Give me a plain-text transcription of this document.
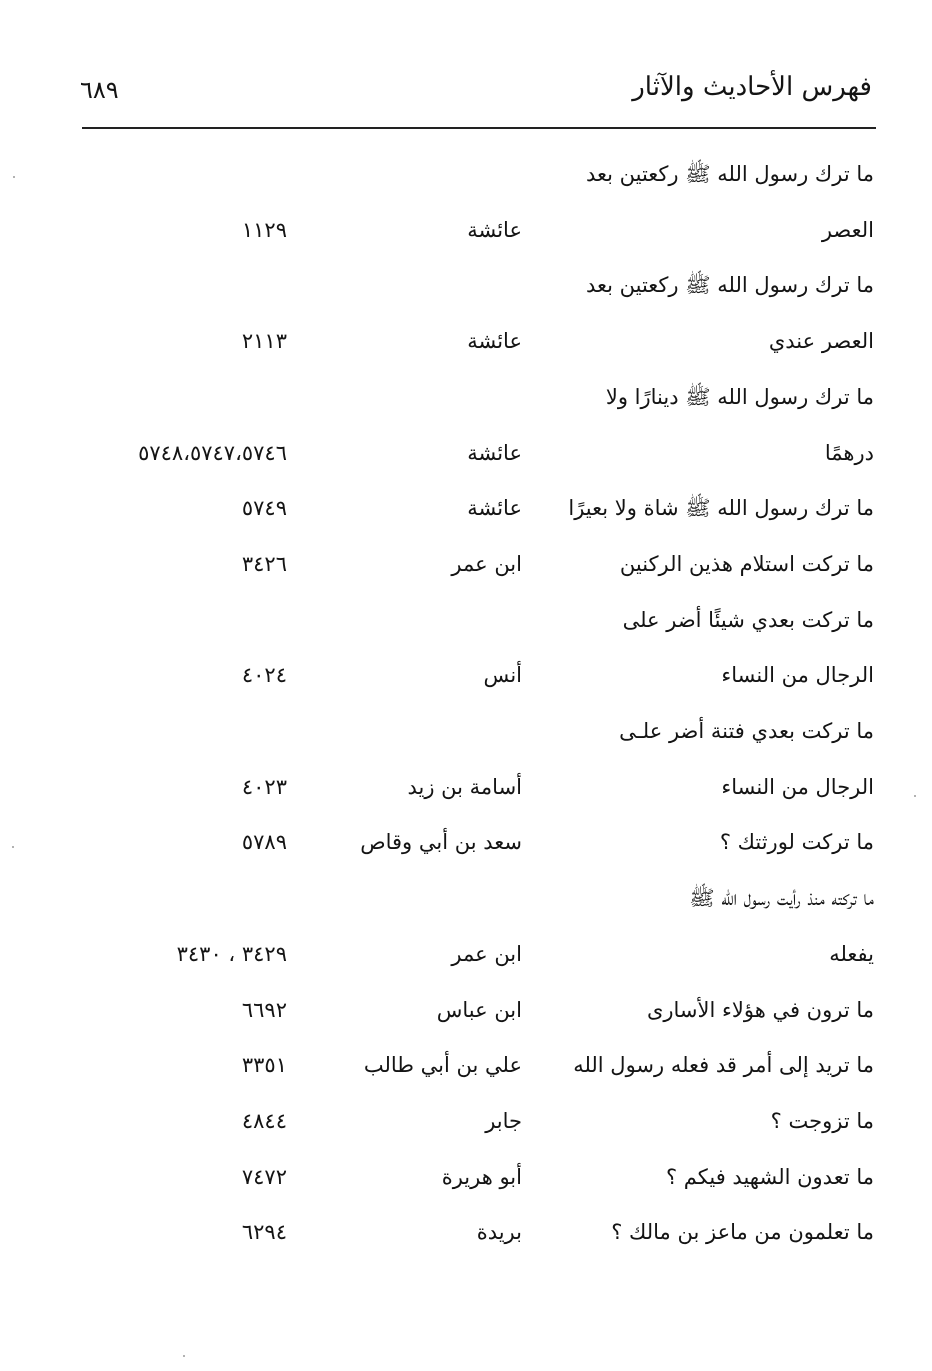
فهرس الأحاديث والآثار
٦٨٩
ما ترك رسول الله ﷺ ركعتين بعد
العصر
عائشة
١١٢٩
ما ترك رسول الله ﷺ ركعتين بعد
العصر عندي
عائشة
٢١١٣
ما ترك رسول الله ﷺ دينارًا ولا
درهمًا
عائشة
٥٧٤٨،٥٧٤٧،٥٧٤٦
ما ترك رسول الله ﷺ شاة ولا بعيرًا
عائشة
٥٧٤٩
ما تركت استلام هذين الركنين
ابن عمر
٣٤٢٦
ما تركت بعدي شيئًا أضر على
الرجال من النساء
أنس
٤٠٢٤
ما تركت بعدي فتنة أضر علـى
الرجال من النساء
أسامة بن زيد
٤٠٢٣
ما تركت لورثتك ؟
سعد بن أبي وقاص
٥٧٨٩
ما تركته منذ رأيت رسول الله ﷺ
يفعله
ابن عمر
٣٤٢٩ ، ٣٤٣٠
ما ترون في هؤلاء الأسارى
ابن عباس
٦٦٩٢
ما تريد إلى أمر قد فعله رسول الله
علي بن أبي طالب
٣٣٥١
ما تزوجت ؟
جابر
٤٨٤٤
ما تعدون الشهيد فيكم ؟
أبو هريرة
٧٤٧٢
ما تعلمون من ماعز بن مالك ؟
بريدة
٦٢٩٤
